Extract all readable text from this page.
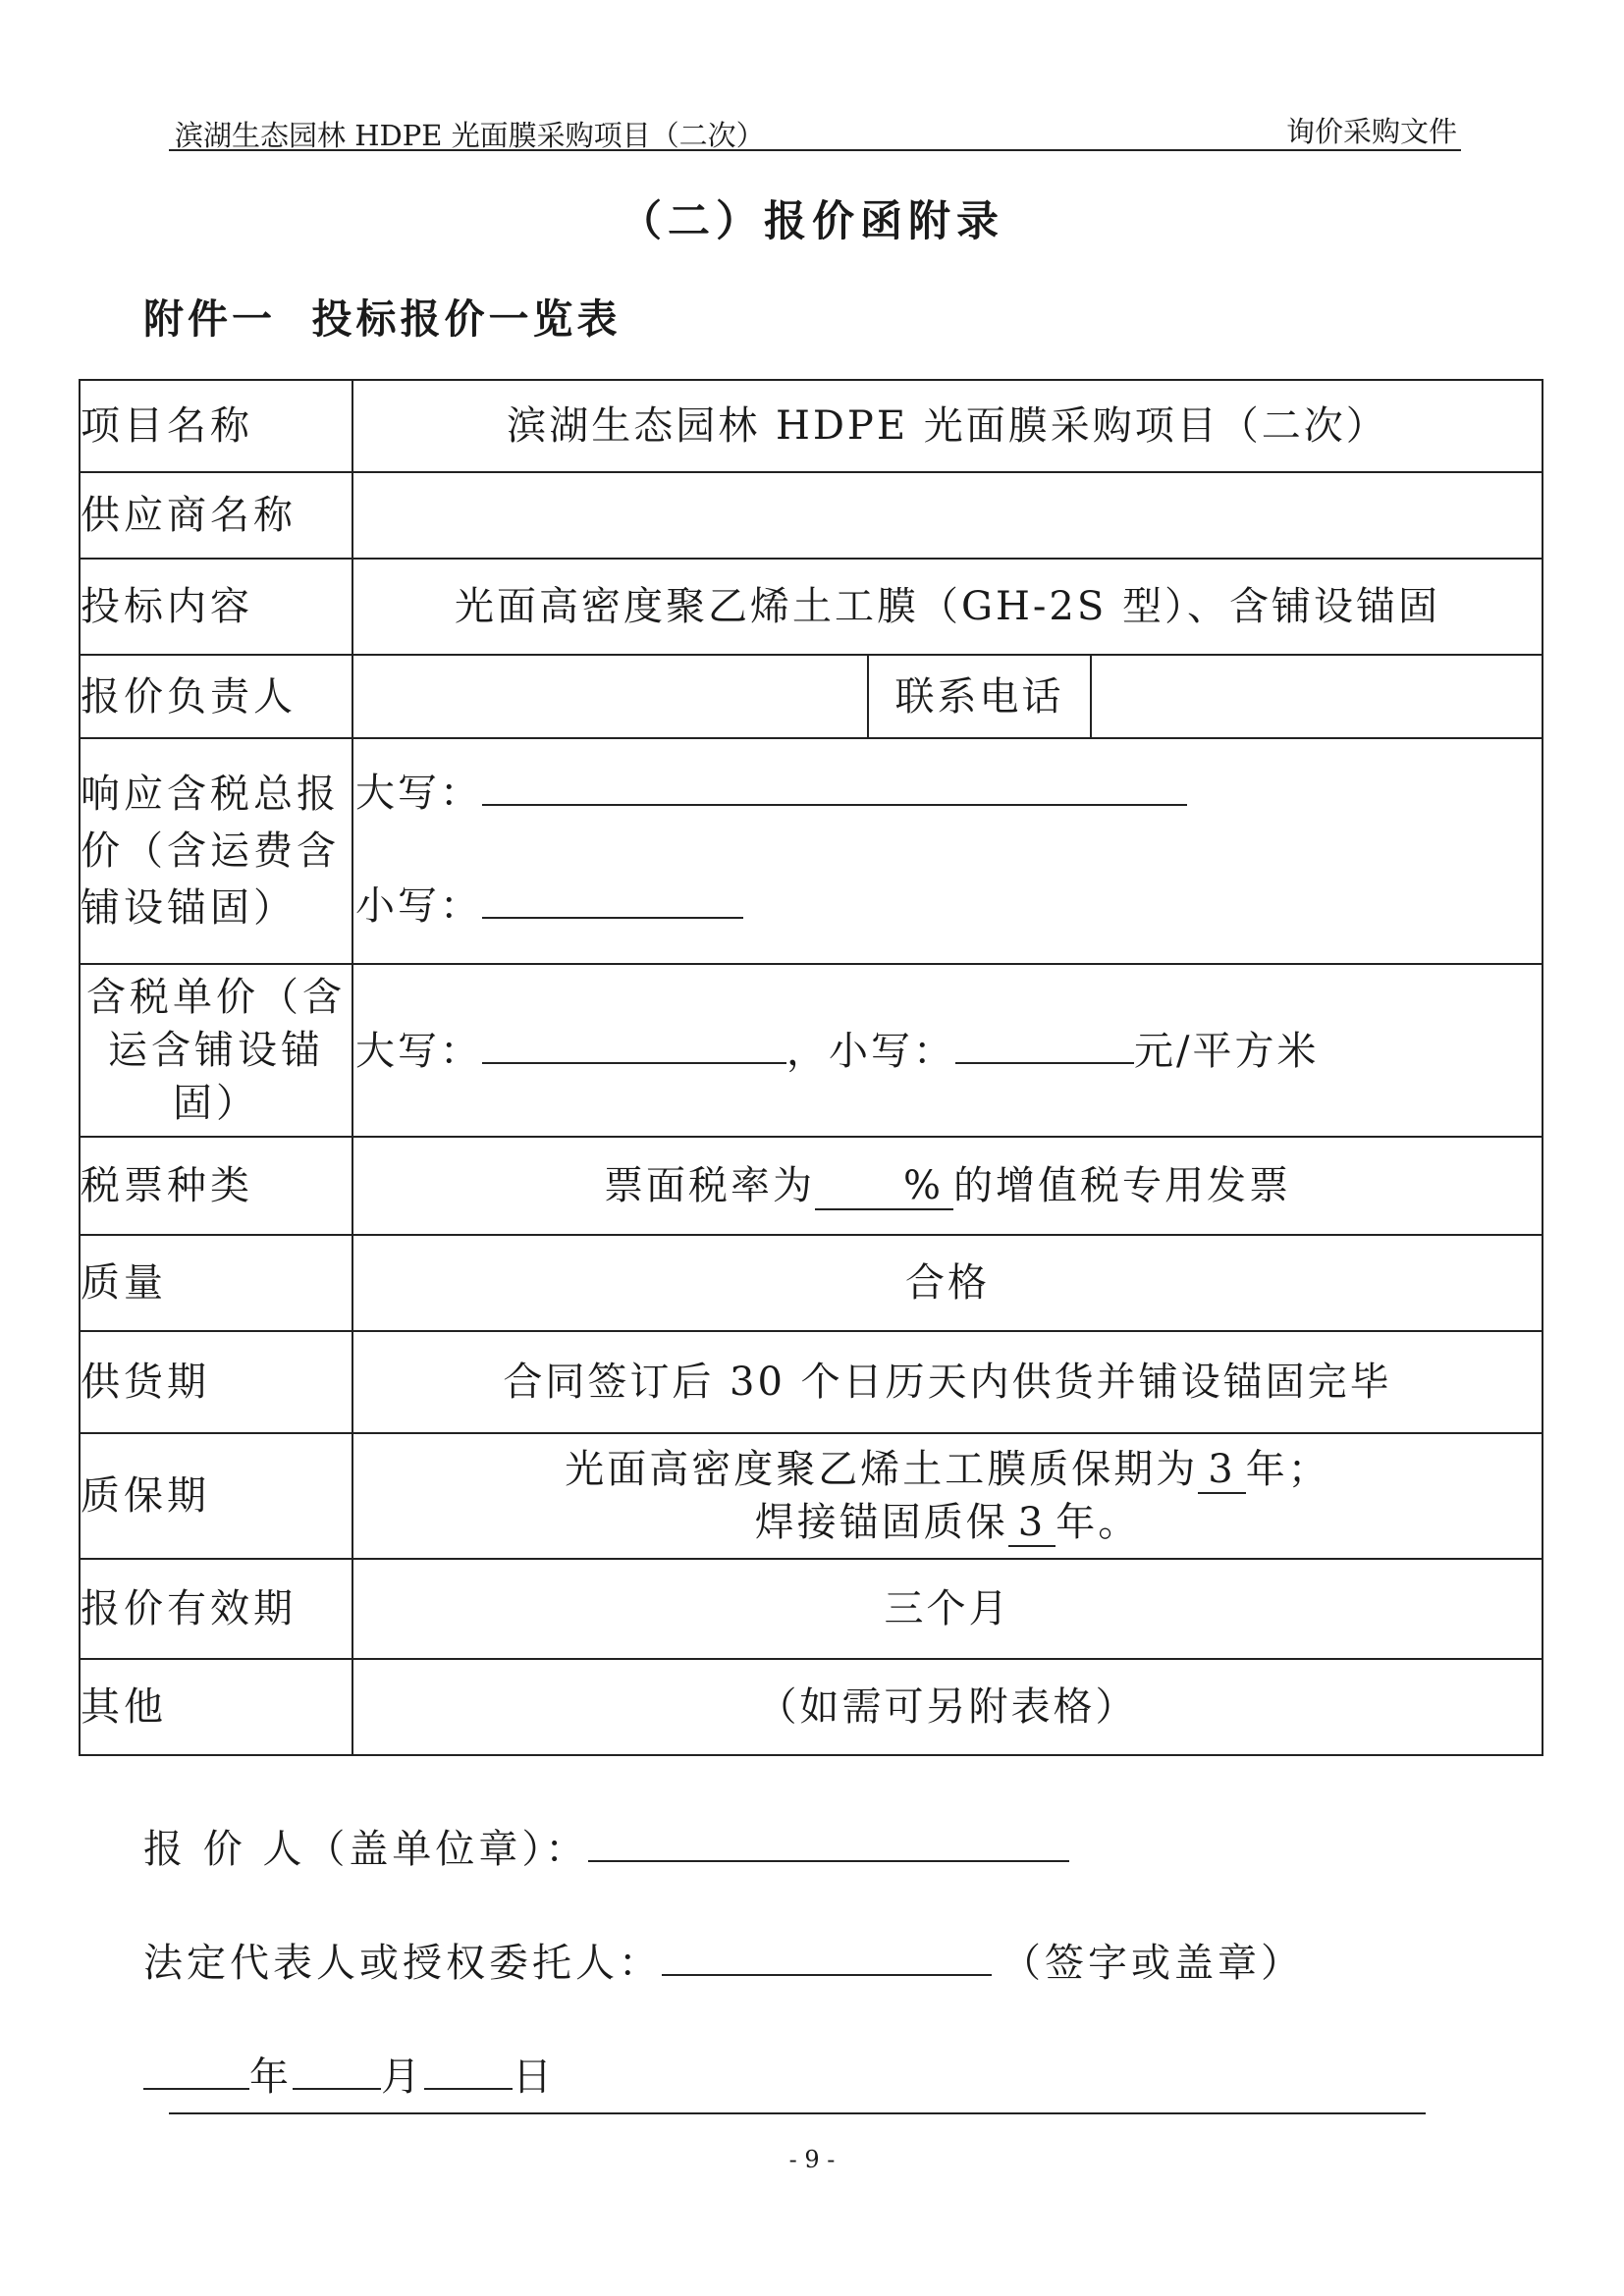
滨湖生态园林 HDPE 光面膜采购项目（二次）	询价采购文件
（二）报价函附录
附件一  投标报价一览表
项目名称	滨湖生态园林 HDPE 光面膜采购项目（二次）		
供应商名称			
投标内容	光面高密度聚乙烯土工膜（GH-2S 型）、含铺设锚固		
报价负责人		联系电话	
响应含税总报价（含运费含铺设锚固）	大写：
小写：		

含税单价（含运含铺设锚固）	大写： ，小写： 元/平方米		

税票种类	票面税率为 % 的增值税专用发票		
质量	合格		
供货期	合同签订后 30 个日历天内供货并铺设锚固完毕		
质保期	光面高密度聚乙烯土工膜质保期为 3 年；
焊接锚固质保 3 年。		

报价有效期	三个月		
其他	（如需可另附表格）		
报 价 人（盖单位章）：
法定代表人或授权委托人：	（签字或盖章）
年 月 日
- 9 -
